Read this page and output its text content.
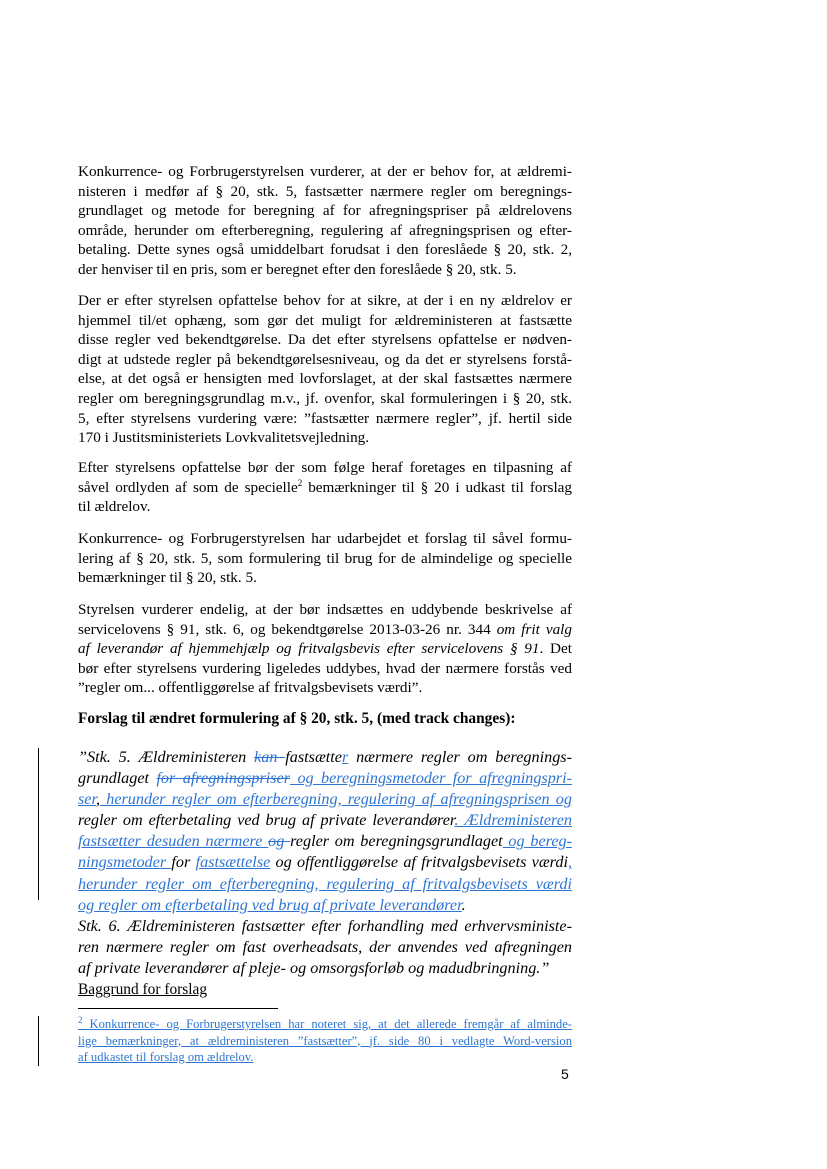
Konkurrence- og Forbrugerstyrelsen vurderer, at der er behov for, at ældremi-
nisteren i medfør af § 20, stk. 5, fastsætter nærmere regler om beregnings-
grundlaget og metode for beregning af for afregningspriser på ældrelovens
område, herunder om efterberegning, regulering af afregningsprisen og efter-
betaling. Dette synes også umiddelbart forudsat i den foreslåede § 20, stk. 2,
der henviser til en pris, som er beregnet efter den foreslåede § 20, stk. 5.

Der er efter styrelsen opfattelse behov for at sikre, at der i en ny ældrelov er
hjemmel til/et ophæng, som gør det muligt for ældreministeren at fastsætte
disse regler ved bekendtgørelse. Da det efter styrelsens opfattelse er nødven-
digt at udstede regler på bekendtgørelsesniveau, og da det er styrelsens forstå-
else, at det også er hensigten med lovforslaget, at der skal fastsættes nærmere
regler om beregningsgrundlag m.v., jf. ovenfor, skal formuleringen i § 20, stk.
5, efter styrelsens vurdering være: ”fastsætter nærmere regler”, jf. hertil side
170 i Justitsministeriets Lovkvalitetsvejledning.

Efter styrelsens opfattelse bør der som følge heraf foretages en tilpasning af
såvel ordlyden af som de specielle$^2$ bemærkninger til § 20 i udkast til forslag
til ældrelov.

Konkurrence- og Forbrugerstyrelsen har udarbejdet et forslag til såvel formu-
lering af § 20, stk. 5, som formulering til brug for de almindelige og specielle
bemærkninger til § 20, stk. 5.

Styrelsen vurderer endelig, at der bør indsættes en uddybende beskrivelse af
servicelovens § 91, stk. 6, og bekendtgørelse 2013-03-26 nr. 344 om frit valg
af leverandør af hjemmehjælp og fritvalgsbevis efter servicelovens § 91. Det
bør efter styrelsens vurdering ligeledes uddybes, hvad der nærmere forstås ved
”regler om... offentliggørelse af fritvalgsbevisets værdi”.

Forslag til ændret formulering af § 20, stk. 5, (med track changes):

”Stk. 5. Ældreministeren kan fastsætter nærmere regler om beregnings-
grundlaget for afregningspriser og beregningsmetoder for afregningspri-
ser, herunder regler om efterberegning, regulering af afregningsprisen og
regler om efterbetaling ved brug af private leverandører. Ældreministeren
fastsætter desuden nærmere og regler om beregningsgrundlaget og bereg-
ningsmetoder for fastsættelse og offentliggørelse af fritvalgsbevisets værdi,
herunder regler om efterberegning, regulering af fritvalgsbevisets værdi
og regler om efterbetaling ved brug af private leverandører.
Stk. 6. Ældreministeren fastsætter efter forhandling med erhvervsministe-
ren nærmere regler om fast overheadsats, der anvendes ved afregningen
af private leverandører af pleje- og omsorgsforløb og madudbringning.”

Baggrund for forslag

$^2$ Konkurrence- og Forbrugerstyrelsen har noteret sig, at det allerede fremgår af alminde-
lige bemærkninger, at ældreministeren ”fastsætter”, jf. side 80 i vedlagte Word-version
af udkastet til forslag om ældrelov.

5
